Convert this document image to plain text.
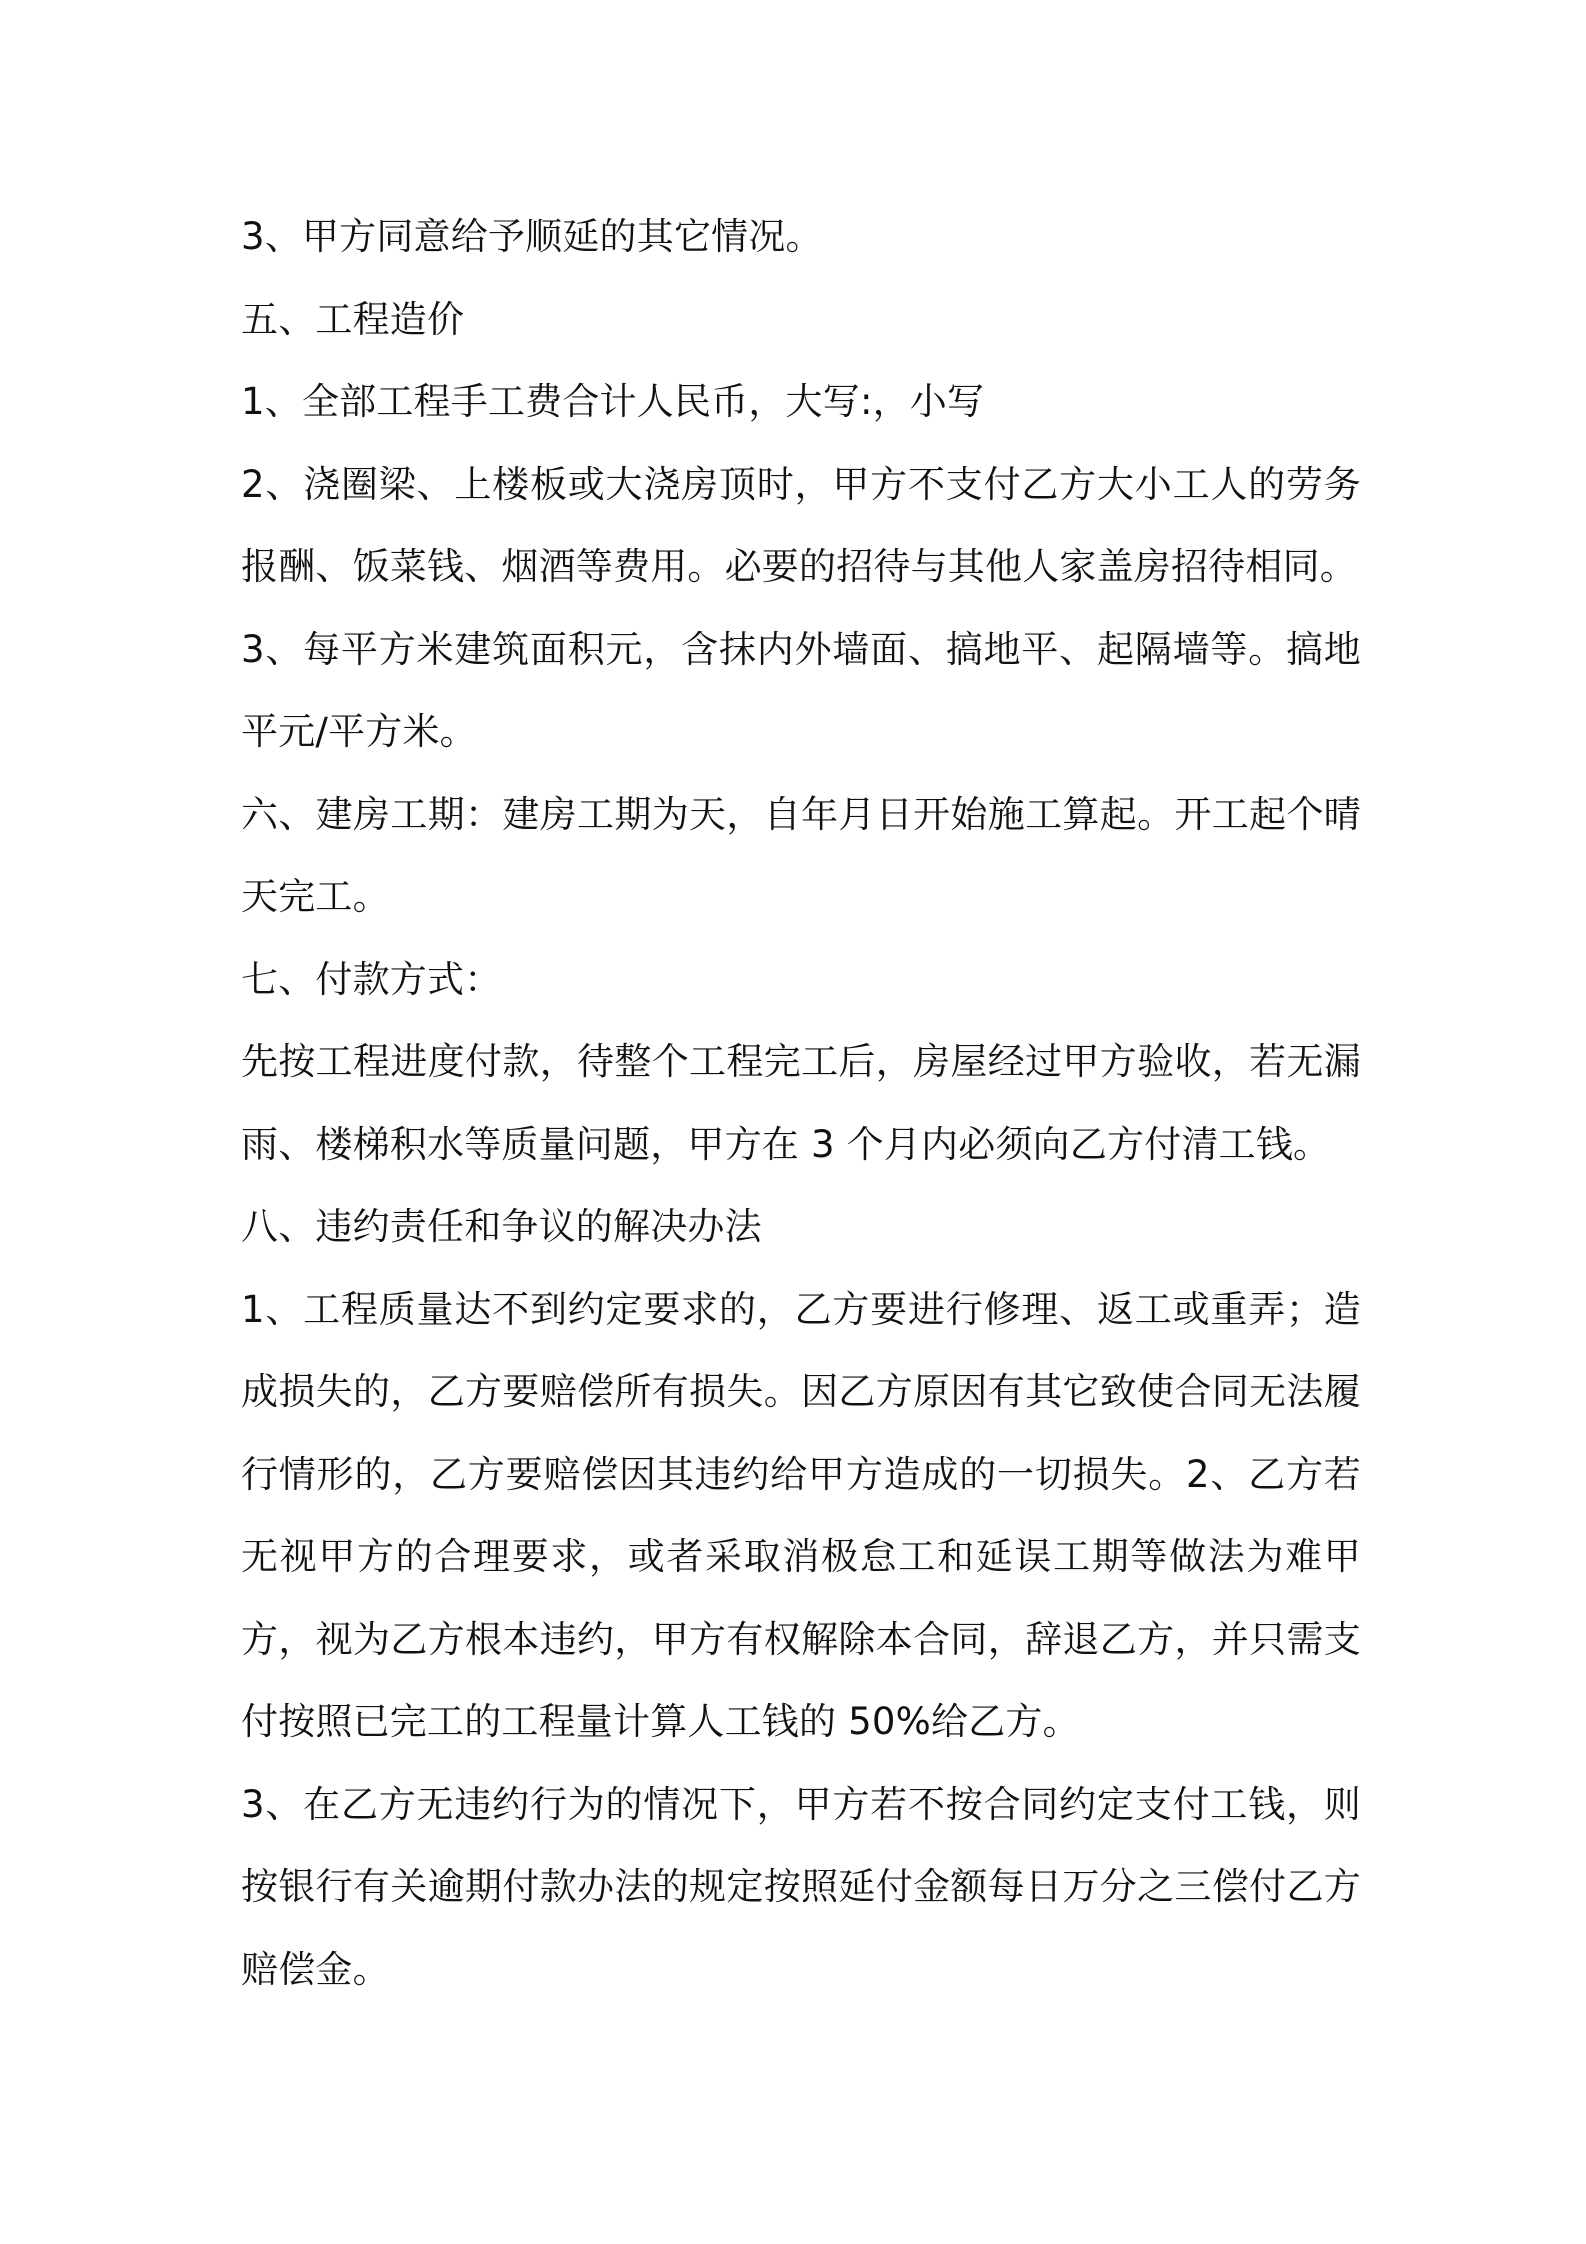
3、甲方同意给予顺延的其它情况。

五、工程造价

1、全部工程手工费合计人民币，大写:，小写

2、浇圈梁、上楼板或大浇房顶时，甲方不支付乙方大小工人的劳务报酬、饭菜钱、烟酒等费用。必要的招待与其他人家盖房招待相同。

3、每平方米建筑面积元，含抹内外墙面、搞地平、起隔墙等。搞地平元/平方米。

六、建房工期：建房工期为天，自年月日开始施工算起。开工起个晴天完工。

七、付款方式：

先按工程进度付款，待整个工程完工后，房屋经过甲方验收，若无漏雨、楼梯积水等质量问题，甲方在 3 个月内必须向乙方付清工钱。

八、违约责任和争议的解决办法

1、工程质量达不到约定要求的，乙方要进行修理、返工或重弄；造成损失的，乙方要赔偿所有损失。因乙方原因有其它致使合同无法履行情形的，乙方要赔偿因其违约给甲方造成的一切损失。2、乙方若无视甲方的合理要求，或者采取消极怠工和延误工期等做法为难甲方，视为乙方根本违约，甲方有权解除本合同，辞退乙方，并只需支付按照已完工的工程量计算人工钱的 50%给乙方。

3、在乙方无违约行为的情况下，甲方若不按合同约定支付工钱，则按银行有关逾期付款办法的规定按照延付金额每日万分之三偿付乙方赔偿金。
